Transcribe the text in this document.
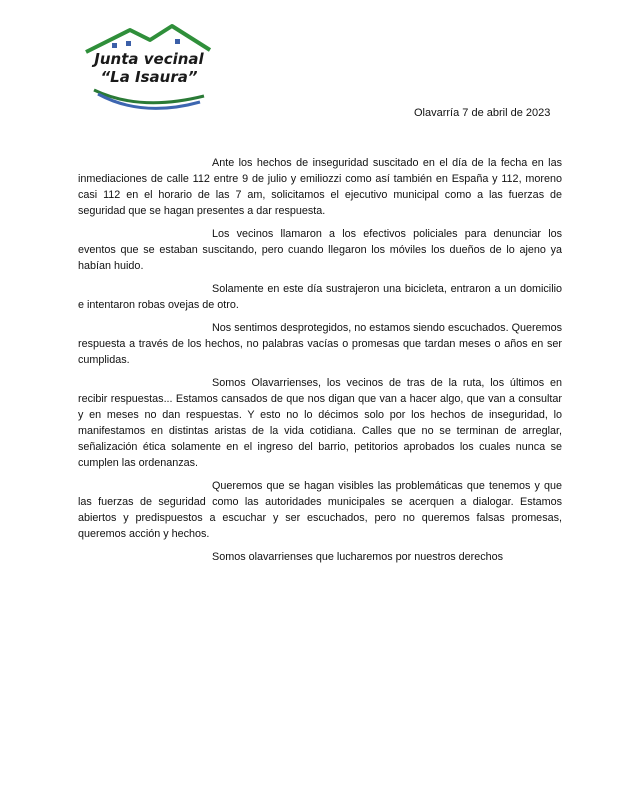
Junta vecinal
“La Isaura”
Olavarría 7 de abril de 2023

Ante los hechos de inseguridad suscitado en el día de la fecha en las inmediaciones de calle 112 entre 9 de julio y emiliozzi como así también en España y 112, moreno casi 112 en el horario de las 7 am, solicitamos el ejecutivo municipal como a las fuerzas de seguridad que se hagan presentes a dar respuesta.

Los vecinos llamaron a los efectivos policiales para denunciar los eventos que se estaban suscitando, pero cuando llegaron los móviles los dueños de lo ajeno ya habían huido.

Solamente en este día sustrajeron una bicicleta, entraron a un domicilio e intentaron robas ovejas de otro.

Nos sentimos desprotegidos, no estamos siendo escuchados. Queremos respuesta a través de los hechos, no palabras vacías o promesas que tardan meses o años en ser cumplidas.

Somos Olavarrienses, los vecinos de tras de la ruta, los últimos en recibir respuestas... Estamos cansados de que nos digan que van a hacer algo, que van a consultar y en meses no dan respuestas. Y esto no lo décimos solo por los hechos de inseguridad, lo manifestamos en distintas aristas de la vida cotidiana. Calles que no se terminan de arreglar, señalización ética solamente en el ingreso del barrio, petitorios aprobados los cuales nunca se cumplen las ordenanzas.

Queremos que se hagan visibles las problemáticas que tenemos y que las fuerzas de seguridad como las autoridades municipales se acerquen a dialogar. Estamos abiertos y predispuestos a escuchar y ser escuchados, pero no queremos falsas promesas, queremos acción y hechos.

Somos olavarrienses que lucharemos por nuestros derechos
